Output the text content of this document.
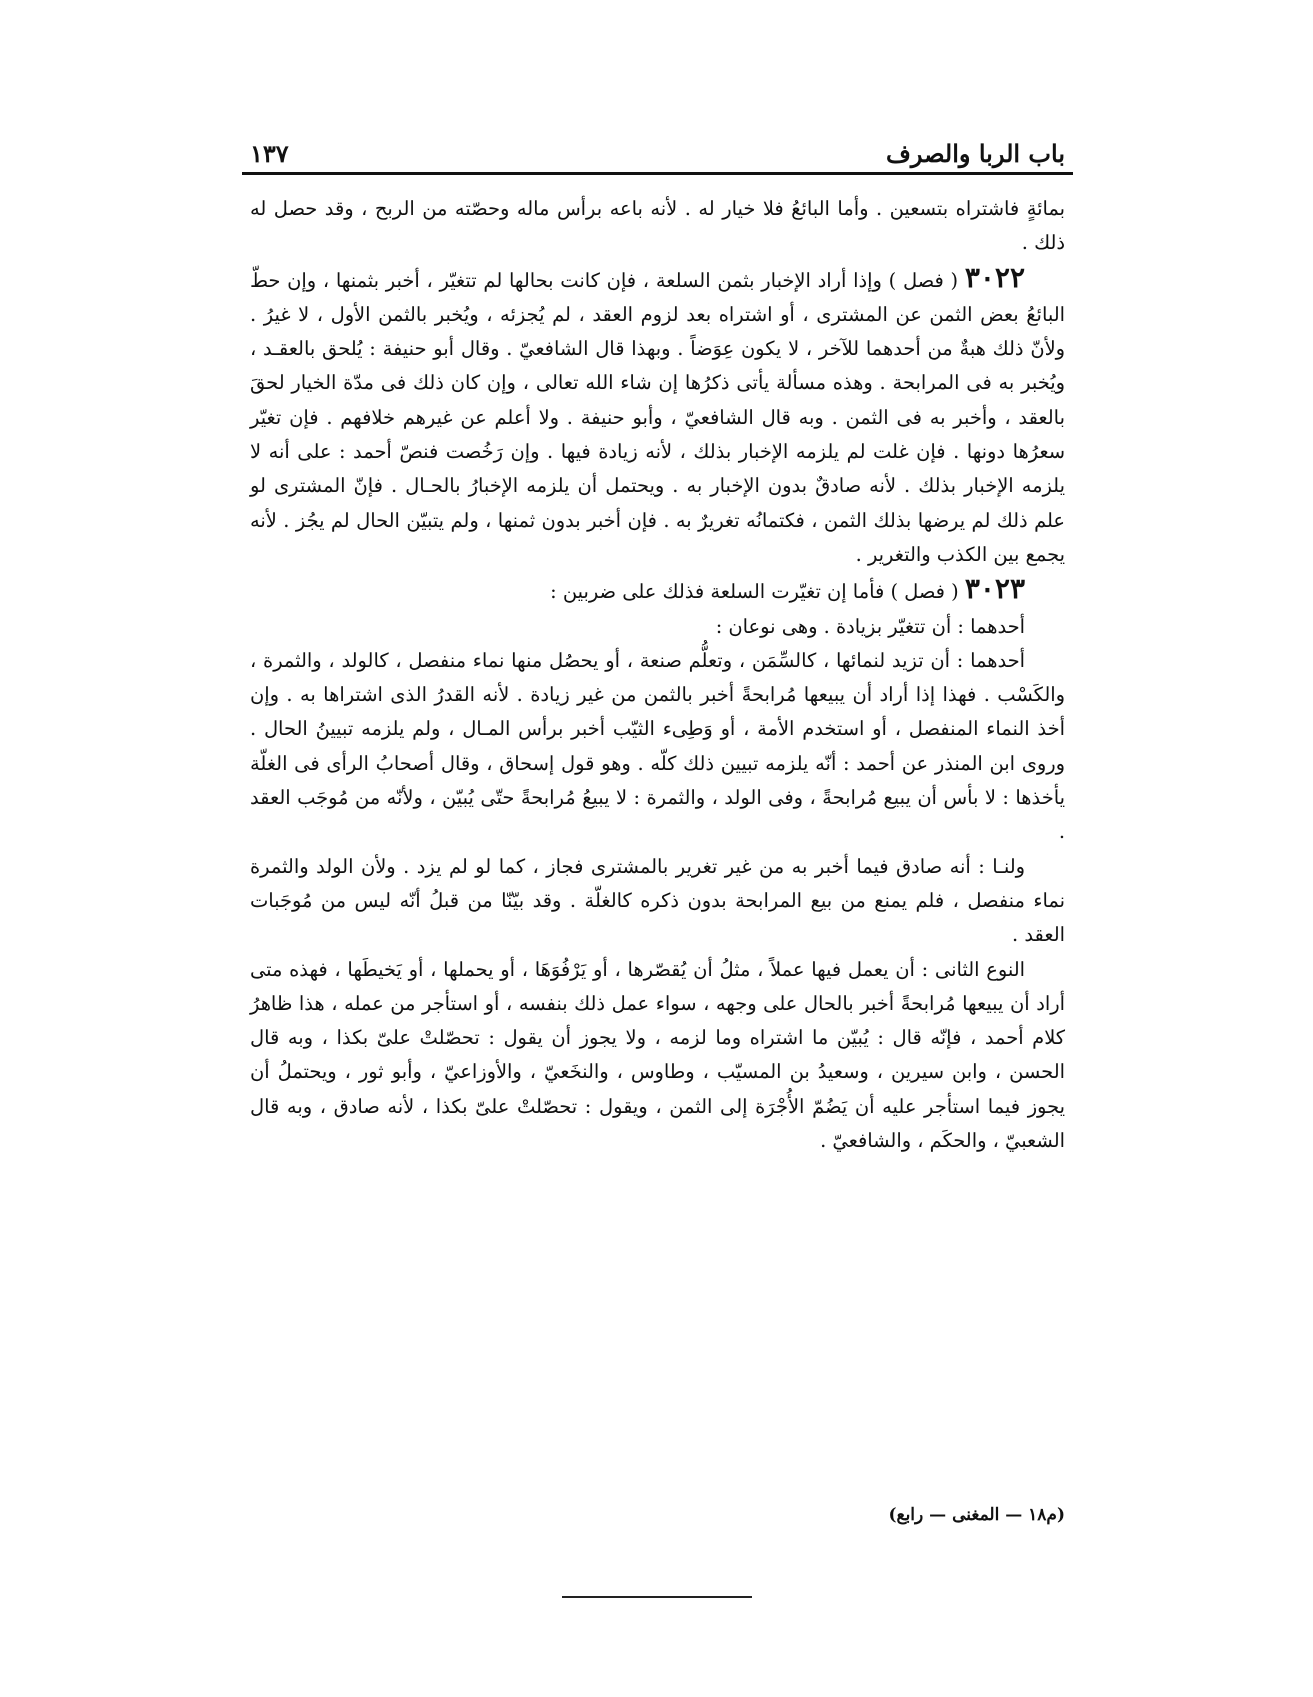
باب الربا والصرف
١٣٧

بمائةٍ فاشتراه بتسعين . وأما البائعُ فلا خيار له . لأنه باعه برأس ماله وحصّته من الربح ، وقد حصل له ذلك .

٣٠٢٢ ( فصل ) وإذا أراد الإخبار بثمن السلعة ، فإن كانت بحالها لم تتغيّر ، أخبر بثمنها ، وإن حطّ البائعُ بعض الثمن عن المشترى ، أو اشتراه بعد لزوم العقد ، لم يُجزئه ، ويُخبر بالثمن الأول ، لا غيرُ . ولأنّ ذلك هبةٌ من أحدهما للآخر ، لا يكون عِوَضاً . وبهذا قال الشافعيّ . وقال أبو حنيفة : يُلحق بالعقـد ، ويُخبر به فى المرابحة . وهذه مسألة يأتى ذكرُها إن شاء الله تعالى ، وإن كان ذلك فى مدّة الخيار لحقَ بالعقد ، وأخبر به فى الثمن . وبه قال الشافعيّ ، وأبو حنيفة . ولا أعلم عن غيرهم خلافهم . فإن تغيّر سعرُها دونها . فإن غلت لم يلزمه الإخبار بذلك ، لأنه زيادة فيها . وإن رَخُصت فنصّ أحمد : على أنه لا يلزمه الإخبار بذلك . لأنه صادقٌ بدون الإخبار به . ويحتمل أن يلزمه الإخبارُ بالحـال . فإنّ المشترى لو علم ذلك لم يرضها بذلك الثمن ، فكتمانُه تغريرٌ به . فإن أخبر بدون ثمنها ، ولم يتبيّن الحال لم يجُز . لأنه يجمع بين الكذب والتغرير .

٣٠٢٣ ( فصل ) فأما إن تغيّرت السلعة فذلك على ضربين :

أحدهما : أن تتغيّر بزيادة . وهى نوعان :

أحدهما : أن تزيد لنمائها ، كالسِّمَن ، وتعلُّم صنعة ، أو يحصُل منها نماء منفصل ، كالولد ، والثمرة ، والكَسْب . فهذا إذا أراد أن يبيعها مُرابحةً أخبر بالثمن من غير زيادة . لأنه القدرُ الذى اشتراها به . وإن أخذ النماء المنفصل ، أو استخدم الأمة ، أو وَطِىء الثيّب أخبر برأس المـال ، ولم يلزمه تبيينُ الحال . وروى ابن المنذر عن أحمد : أنّه يلزمه تبيين ذلك كلّه . وهو قول إسحاق ، وقال أصحابُ الرأى فى الغلّة يأخذها : لا بأس أن يبيع مُرابحةً ، وفى الولد ، والثمرة : لا يبيعُ مُرابحةً حتّى يُبيّن ، ولأنّه من مُوجَب العقد .

ولنـا : أنه صادق فيما أخبر به من غير تغرير بالمشترى فجاز ، كما لو لم يزد . ولأن الولد والثمرة نماء منفصل ، فلم يمنع من بيع المرابحة بدون ذكره كالغلّة . وقد بيّنّا من قبلُ أنّه ليس من مُوجَبات العقد .

النوع الثانى : أن يعمل فيها عملاً ، مثلُ أن يُقصّرها ، أو يَرْفُوَهَا ، أو يحملها ، أو يَخيطَها ، فهذه متى أراد أن يبيعها مُرابحةً أخبر بالحال على وجهه ، سواء عمل ذلك بنفسه ، أو استأجر من عمله ، هذا ظاهرُ كلام أحمد ، فإنّه قال : يُبيّن ما اشتراه وما لزمه ، ولا يجوز أن يقول : تحصّلتْ علىّ بكذا ، وبه قال الحسن ، وابن سيرين ، وسعيدُ بن المسيّب ، وطاوس ، والنخَعيّ ، والأوزاعيّ ، وأبو ثور ، ويحتملُ أن يجوز فيما استأجر عليه أن يَضُمّ الأُجْرَة إلى الثمن ، ويقول : تحصّلتْ علىّ بكذا ، لأنه صادق ، وبه قال الشعبيّ ، والحكَم ، والشافعيّ .

(م١٨ — المغنى — رابع)
